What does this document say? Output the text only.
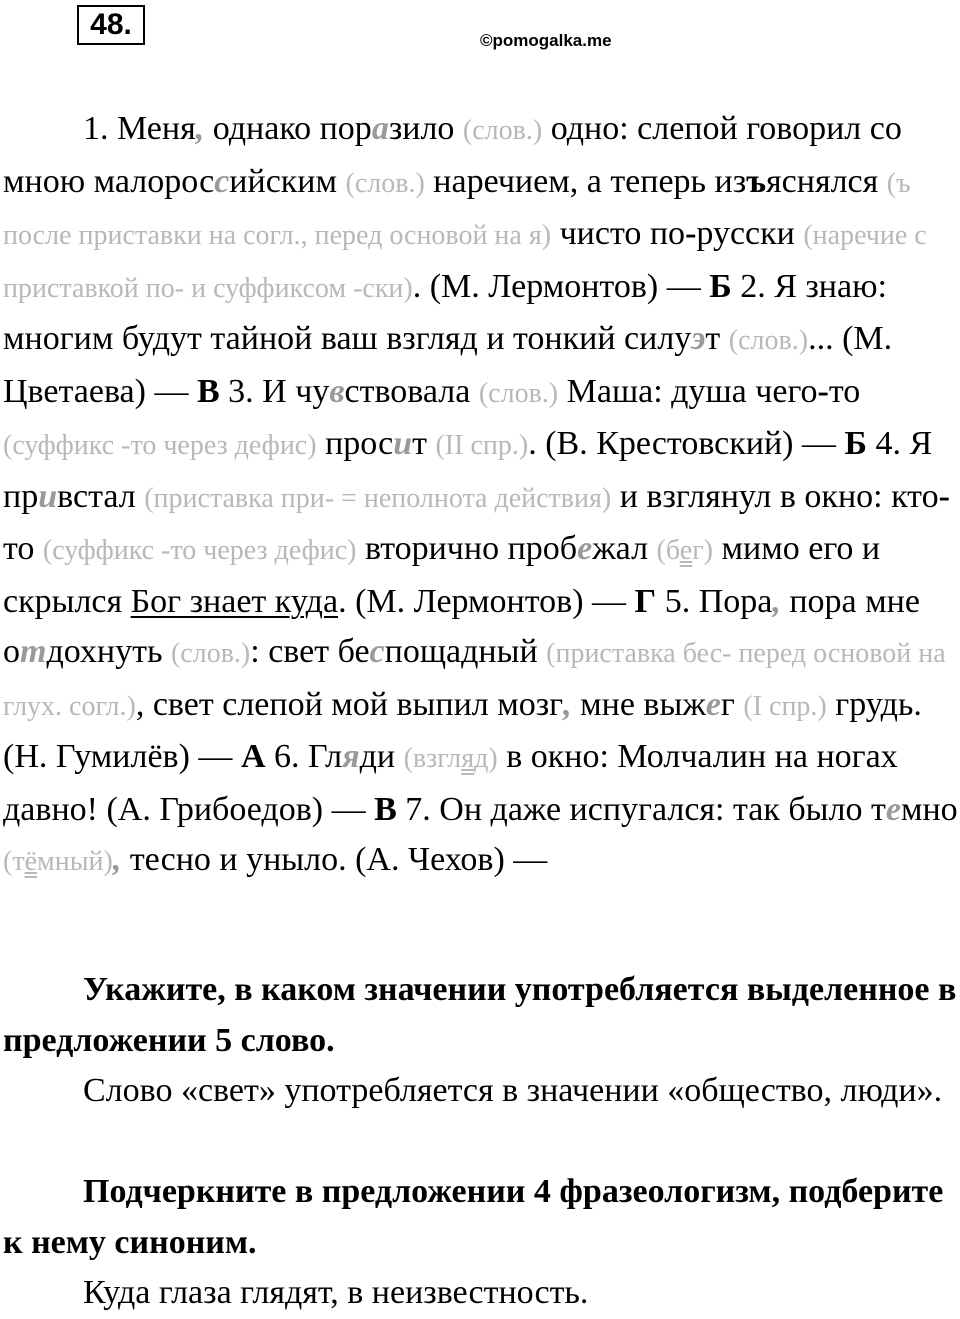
48.	©pomogalka.me

1. Меня, однако поразило (слов.) одно: слепой говорил со мною малороссийским (слов.) наречием, а теперь изъяснялся (ъ после приставки на согл., перед основой на я) чисто по-русски (наречие с приставкой по- и суффиксом -ски). (М. Лермонтов) — Б 2. Я знаю: многим будут тайной ваш взгляд и тонкий силуэт (слов.)... (М. Цветаева) — В 3. И чувствовала (слов.) Маша: душа чего-то (суффикс -то через дефис) просит (II спр.). (В. Крестовский) — Б 4. Я привстал (приставка при- = неполнота действия) и взглянул в окно: кто-то (суффикс -то через дефис) вторично пробежал (бег) мимо его и скрылся Бог знает куда. (М. Лермонтов) — Г 5. Пора, пора мне отдохнуть (слов.): свет беспощадный (приставка бес- перед основой на глух. согл.), свет слепой мой выпил мозг, мне выжег (I спр.) грудь. (Н. Гумилёв) — А 6. Гляди (взгляд) в окно: Молчалин на ногах давно! (А. Грибоедов) — В 7. Он даже испугался: так было темно (тёмный), тесно и уныло. (А. Чехов) —

Укажите, в каком значении употребляется выделенное в предложении 5 слово.

Слово «свет» употребляется в значении «общество, люди».

Подчеркните в предложении 4 фразеологизм, подберите к нему синоним.

Куда глаза глядят, в неизвестность.
